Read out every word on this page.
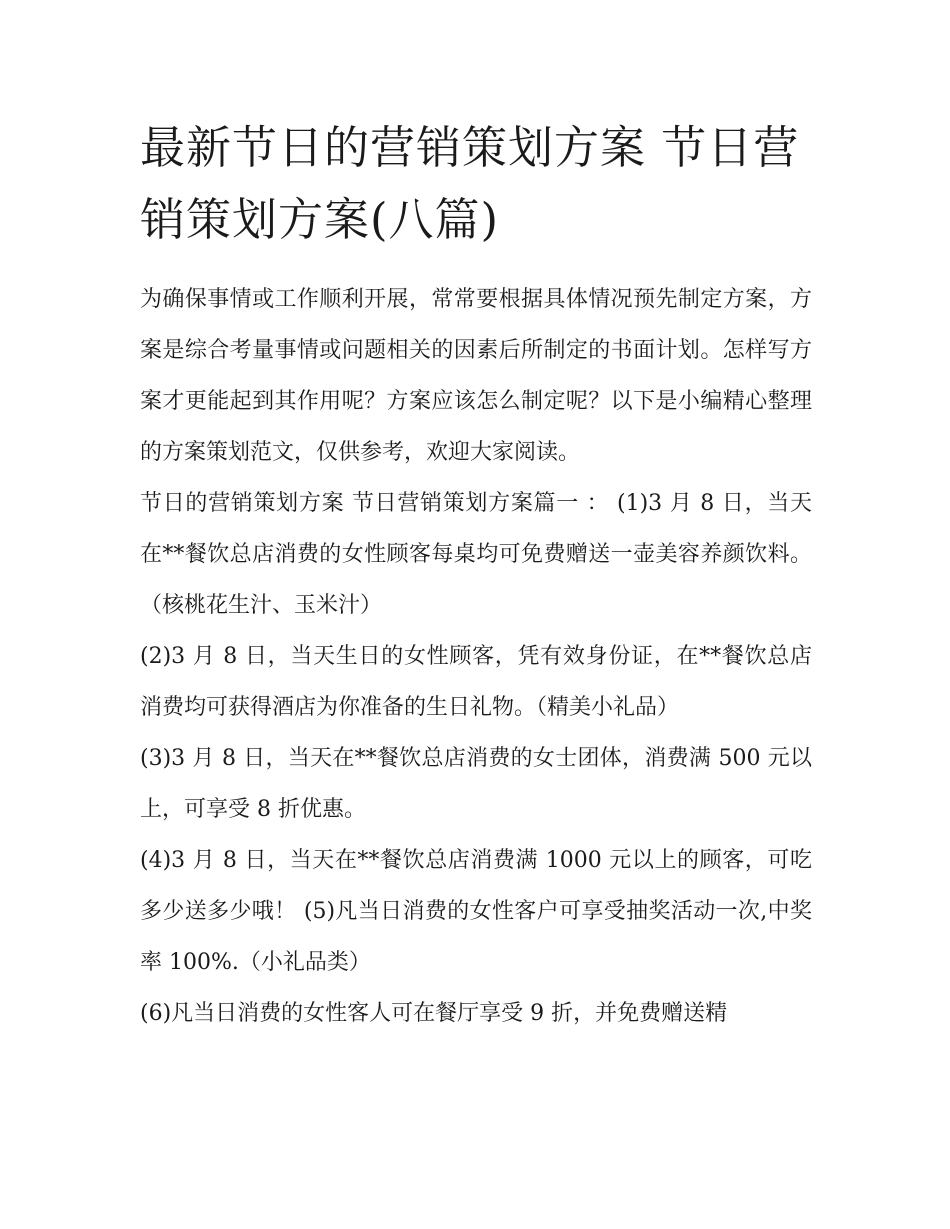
最新节日的营销策划方案 节日营销策划方案(八篇)

为确保事情或工作顺利开展，常常要根据具体情况预先制定方案，方案是综合考量事情或问题相关的因素后所制定的书面计划。怎样写方案才更能起到其作用呢？方案应该怎么制定呢？以下是小编精心整理的方案策划范文，仅供参考，欢迎大家阅读。

节日的营销策划方案 节日营销策划方案篇一 ： (1)3 月 8 日，当天在**餐饮总店消费的女性顾客每桌均可免费赠送一壶美容养颜饮料。（核桃花生汁、玉米汁）

(2)3 月 8 日，当天生日的女性顾客，凭有效身份证，在**餐饮总店消费均可获得酒店为你准备的生日礼物。（精美小礼品）

(3)3 月 8 日，当天在**餐饮总店消费的女士团体，消费满 500 元以上，可享受 8 折优惠。

(4)3 月 8 日，当天在**餐饮总店消费满 1000 元以上的顾客，可吃多少送多少哦！ (5)凡当日消费的女性客户可享受抽奖活动一次,中奖率 100%.（小礼品类）

(6)凡当日消费的女性客人可在餐厅享受 9 折，并免费赠送精
